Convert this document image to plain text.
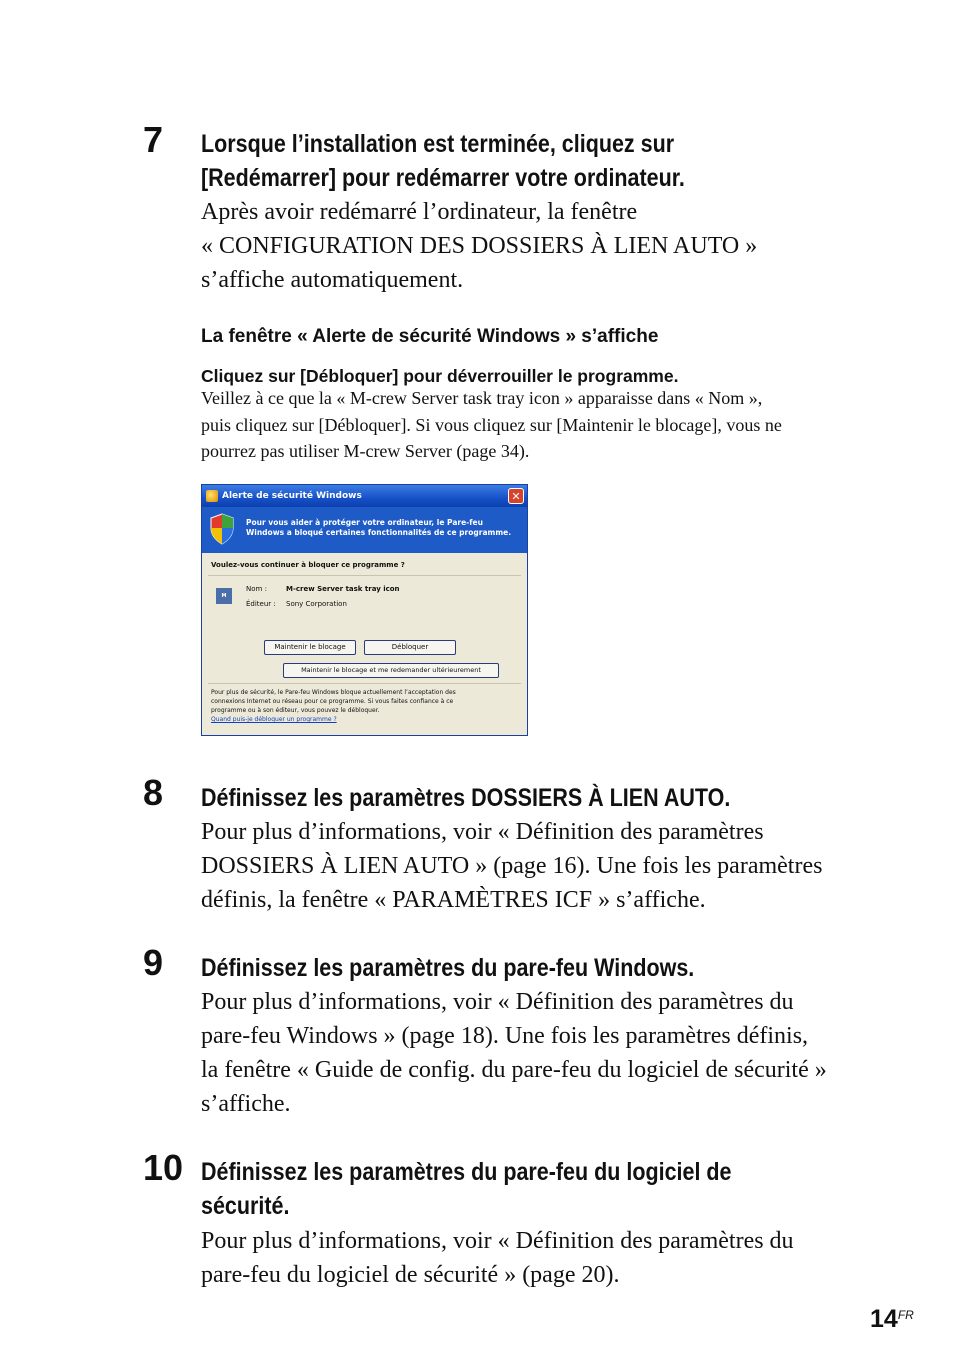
7 Lorsque l’installation est terminée, cliquez sur
[Redémarrer] pour redémarrer votre ordinateur.
Après avoir redémarré l’ordinateur, la fenêtre
« CONFIGURATION DES DOSSIERS À LIEN AUTO »
s’affiche automatiquement.
La fenêtre « Alerte de sécurité Windows » s’affiche
Cliquez sur [Débloquer] pour déverrouiller le programme.
Veillez à ce que la « M-crew Server task tray icon » apparaisse dans « Nom »,
puis cliquez sur [Débloquer]. Si vous cliquez sur [Maintenir le blocage], vous ne
pourrez pas utiliser M-crew Server (page 34).
Alerte de sécurité Windows	✕
Pour vous aider à protéger votre ordinateur, le Pare-feu
Windows a bloqué certaines fonctionnalités de ce programme.
Voulez-vous continuer à bloquer ce programme ?
M
Nom :	M-crew Server task tray icon
Éditeur : Sony Corporation
Maintenir le blocage	Débloquer
Maintenir le blocage et me redemander ultérieurement
Pour plus de sécurité, le Pare-feu Windows bloque actuellement l’acceptation des
connexions Internet ou réseau pour ce programme. Si vous faites confiance à ce
programme ou à son éditeur, vous pouvez le débloquer.
Quand puis-je débloquer un programme ?
8 Définissez les paramètres DOSSIERS À LIEN AUTO.
Pour plus d’informations, voir « Définition des paramètres
DOSSIERS À LIEN AUTO » (page 16). Une fois les paramètres
définis, la fenêtre « PARAMÈTRES ICF » s’affiche.
9 Définissez les paramètres du pare-feu Windows.
Pour plus d’informations, voir « Définition des paramètres du
pare-feu Windows » (page 18). Une fois les paramètres définis,
la fenêtre « Guide de config. du pare-feu du logiciel de sécurité »
s’affiche.
10 Définissez les paramètres du pare-feu du logiciel de
sécurité.
Pour plus d’informations, voir « Définition des paramètres du
pare-feu du logiciel de sécurité » (page 20).
$14^{FR}$
